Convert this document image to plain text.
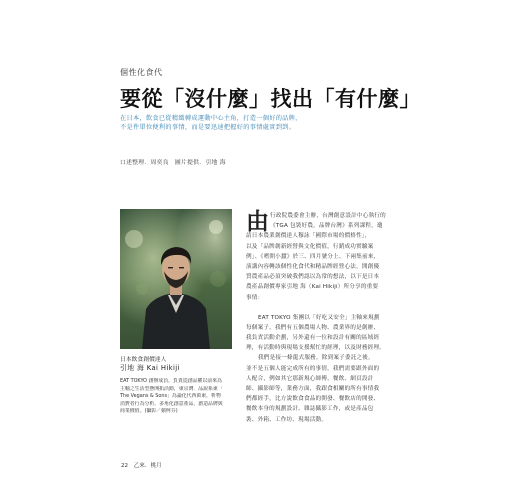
個性化食代
要從「沒什麼」找出「有什麼」
在日本，飲食已從精緻轉成運動中心主角，打造一個好的品牌，
不是件單位便利的事情，而是要迅速把握好的事情處實到到。
口述整理．周奕良　圖片提供．引地 海
日本飲食創價達人
引地 海 Kai Hikiji
EAT TOKYO 創辦成員，負責從創品權以前來為
主軸之生活型態開拓活動，東京灣．品說系東「
The Vegans & Sons」為論化代西萬東，析物
消費者行為分析，多角化創意產品，創造品牌與
商業價值。(攝影／蘋柯芬)
由 行政院農委會主辦，台灣創意設計中心執行的
《TGA 包裝好農，品牌台灣》系列課程，邀
請日本農業創價達人穆詠「國際市場的價格性」，
以及「品牌創新經營與文化價值，行銷成功實驗案
例」、《嗜開小蠶》於三、四月號分上、下兩集前來，
演講內容轉該個性化食代和精品牌經營心法，開創優
質農產品必須突破我們認以為常的想法，以下是日本
農產品創價專家引地 海（Kai Hikiji）所分享的重要
事情：
EAT TOKYO 集團以「好吃又安全」主軸來規劃
每個案子，我們有五個農場人物、農業界的是創辦、
我負責活動企劃，另外還有一位和設計有關的區域經
理，有活動時與現場支援幫忙的經理，以及財務經理。
我們是接一條龍式服務，除到案子委託之後，
並不是五個人能完成所有的事情，我們需要跟外面的
人配合，例如其它那新規心師傅、餐飲、網頁設計
師、攝影師等，業務方面，我跟食相關的所有事情我
們都經手，比方說飲食食品的開發、餐飲店的開發、
餐飲本身的規劃設計、雜誌攝影工作，或是產品包
裝、外箱、工作坊、現場活動。
22　乙來．桃月
